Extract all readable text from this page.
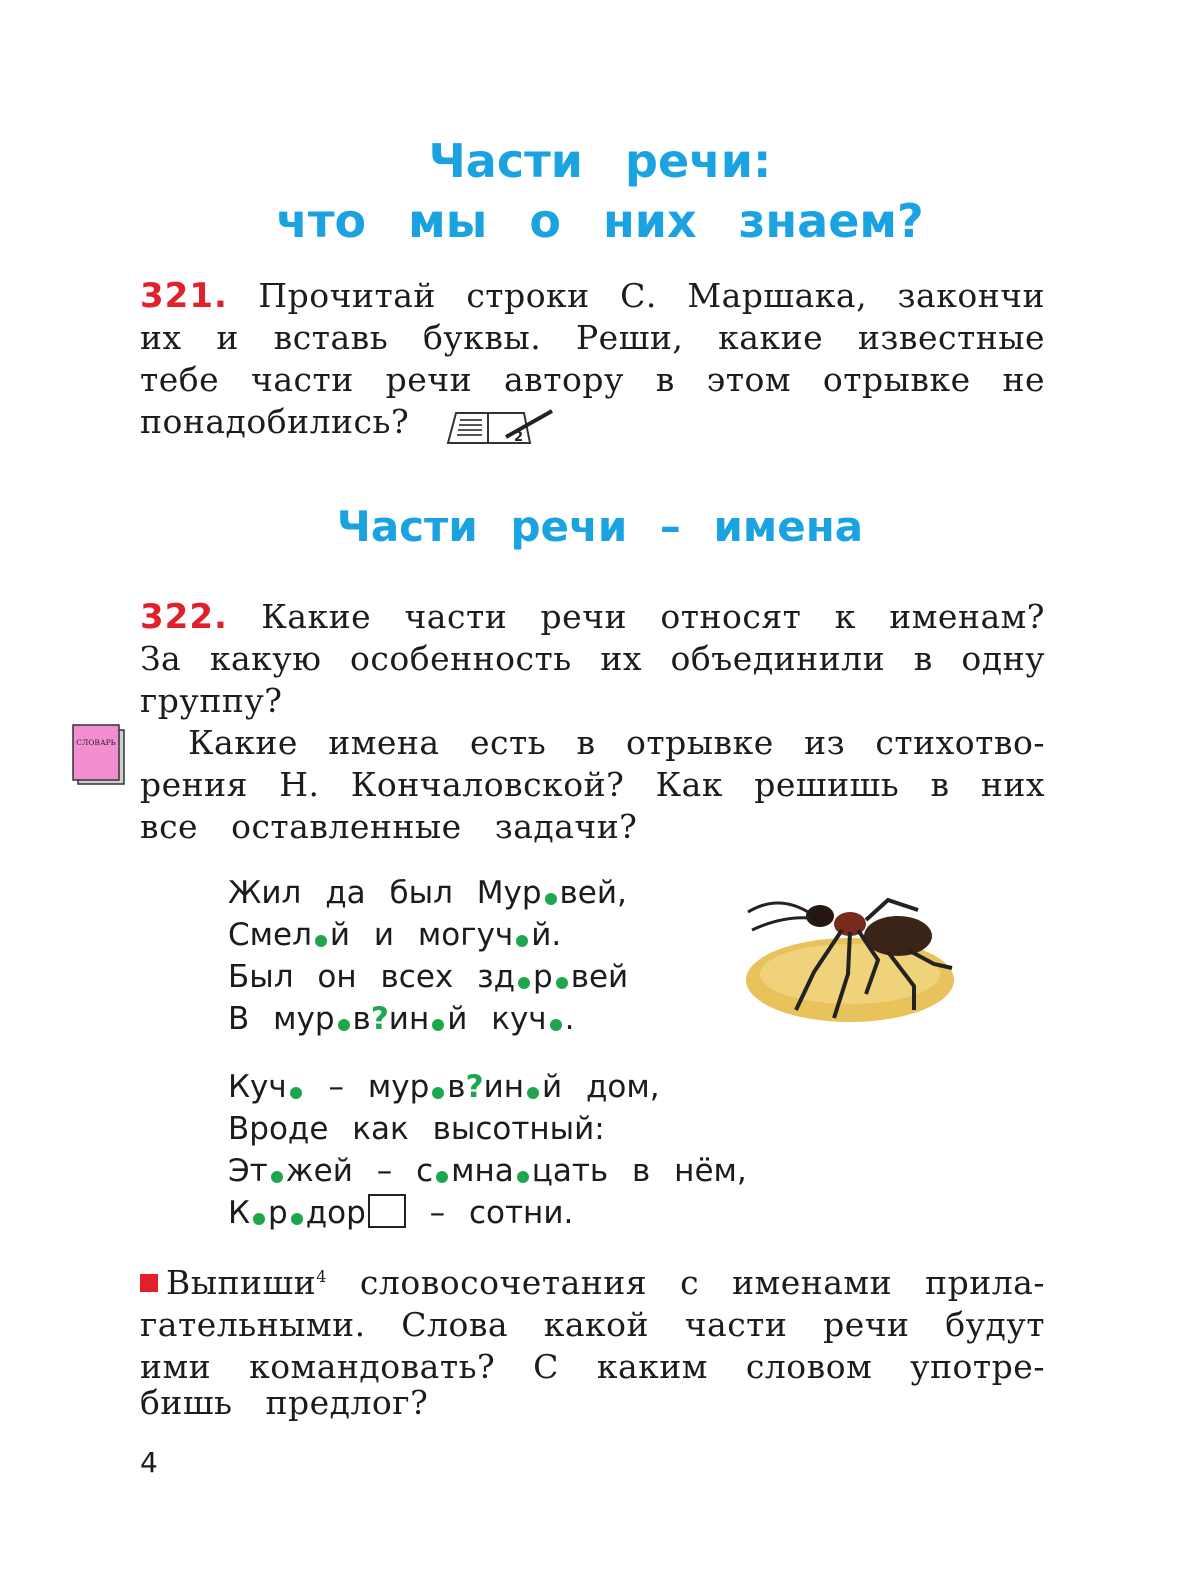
Части речи:
что мы о них знаем?
321. Прочитай строки С. Маршака, закончи
их и вставь буквы. Реши, какие известные
тебе части речи автору в этом отрывке не
понадобились?	2
Части речи – имена
322. Какие части речи относят к именам?
За какую особенность их объединили в одну
группу?
Какие имена есть в отрывке из стихотво-
рения Н. Кончаловской? Как решишь в них
все оставленные задачи?
СЛОВАРЬ
Жил да был Мур вей,
Смел й и могуч й.
Был он всех зд р вей
В мур в?ин й куч .
Куч – мур в?ин й дом,
Вроде как высотный:
Эт жей – с мна цать в нём,
К р дор – сотни.
Выпиши$^4$ словосочетания с именами прила-
гательными. Слова какой части речи будут
ими командовать? С каким словом употре-
бишь предлог?
4
